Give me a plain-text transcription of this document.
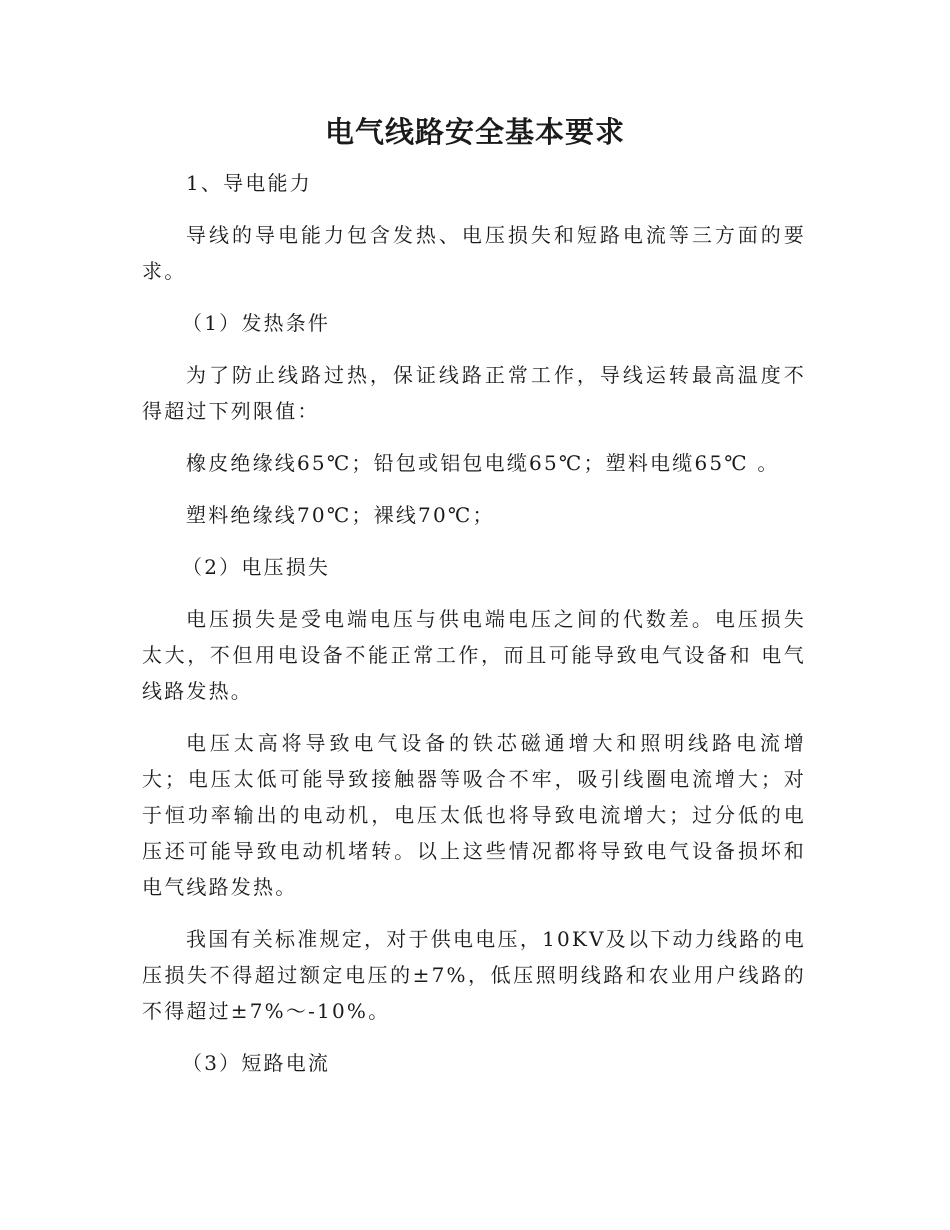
电气线路安全基本要求

1、导电能力

导线的导电能力包含发热、电压损失和短路电流等三方面的要求。

（1）发热条件

为了防止线路过热，保证线路正常工作，导线运转最高温度不得超过下列限值：

橡皮绝缘线65℃；铅包或铝包电缆65℃；塑料电缆65℃ 。

塑料绝缘线70℃；裸线70℃；

（2）电压损失

电压损失是受电端电压与供电端电压之间的代数差。电压损失太大，不但用电设备不能正常工作，而且可能导致电气设备和 电气线路发热。

电压太高将导致电气设备的铁芯磁通增大和照明线路电流增大；电压太低可能导致接触器等吸合不牢，吸引线圈电流增大；对于恒功率输出的电动机，电压太低也将导致电流增大；过分低的电压还可能导致电动机堵转。以上这些情况都将导致电气设备损坏和电气线路发热。

我国有关标准规定，对于供电电压，10KV及以下动力线路的电压损失不得超过额定电压的±7%，低压照明线路和农业用户线路的不得超过±7%～-10%。

（3）短路电流
